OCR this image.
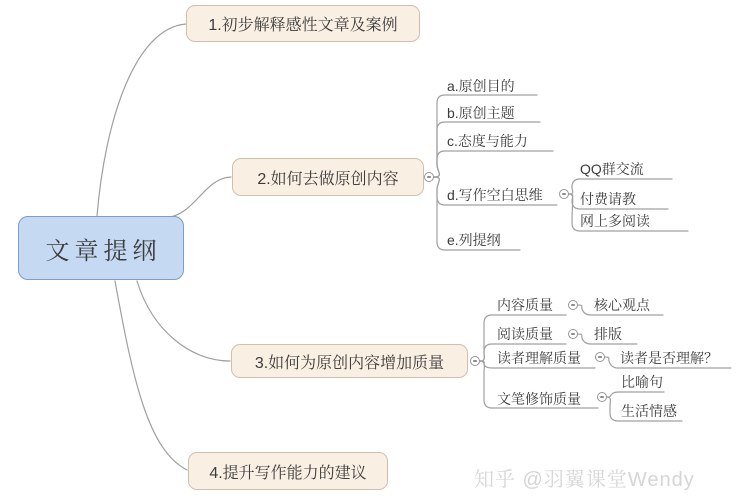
文章提纲
1.初步解释感性文章及案例
2.如何去做原创内容
3.如何为原创内容增加质量
4.提升写作能力的建议
a.原创目的
b.原创主题
c.态度与能力
d.写作空白思维
e.列提纲
QQ群交流
付费请教
网上多阅读
内容质量	核心观点
阅读质量	排版
读者理解质量	读者是否理解？
文笔修饰质量
比喻句
生活情感
知乎 @羽翼课堂Wendy
